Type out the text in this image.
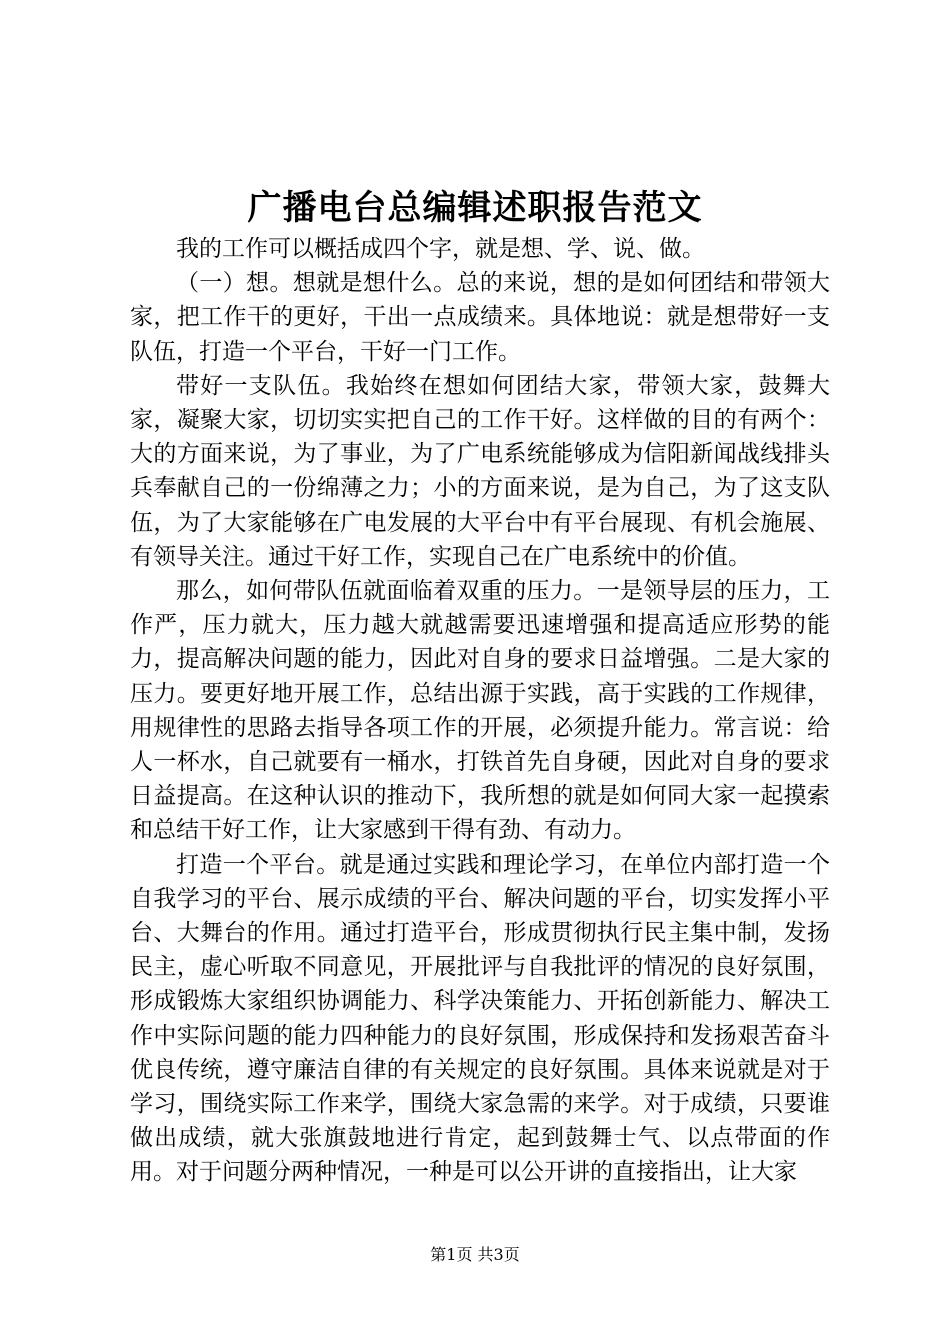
广播电台总编辑述职报告范文

我的工作可以概括成四个字，就是想、学、说、做。

（一）想。想就是想什么。总的来说，想的是如何团结和带领大家，把工作干的更好，干出一点成绩来。具体地说：就是想带好一支队伍，打造一个平台，干好一门工作。

带好一支队伍。我始终在想如何团结大家，带领大家，鼓舞大家，凝聚大家，切切实实把自己的工作干好。这样做的目的有两个：大的方面来说，为了事业，为了广电系统能够成为信阳新闻战线排头兵奉献自己的一份绵薄之力；小的方面来说，是为自己，为了这支队伍，为了大家能够在广电发展的大平台中有平台展现、有机会施展、有领导关注。通过干好工作，实现自己在广电系统中的价值。

那么，如何带队伍就面临着双重的压力。一是领导层的压力，工作严，压力就大，压力越大就越需要迅速增强和提高适应形势的能力，提高解决问题的能力，因此对自身的要求日益增强。二是大家的压力。要更好地开展工作，总结出源于实践，高于实践的工作规律，用规律性的思路去指导各项工作的开展，必须提升能力。常言说：给人一杯水，自己就要有一桶水，打铁首先自身硬，因此对自身的要求日益提高。在这种认识的推动下，我所想的就是如何同大家一起摸索和总结干好工作，让大家感到干得有劲、有动力。

打造一个平台。就是通过实践和理论学习，在单位内部打造一个自我学习的平台、展示成绩的平台、解决问题的平台，切实发挥小平台、大舞台的作用。通过打造平台，形成贯彻执行民主集中制，发扬民主，虚心听取不同意见，开展批评与自我批评的情况的良好氛围，形成锻炼大家组织协调能力、科学决策能力、开拓创新能力、解决工作中实际问题的能力四种能力的良好氛围，形成保持和发扬艰苦奋斗优良传统，遵守廉洁自律的有关规定的良好氛围。具体来说就是对于学习，围绕实际工作来学，围绕大家急需的来学。对于成绩，只要谁做出成绩，就大张旗鼓地进行肯定，起到鼓舞士气、以点带面的作用。对于问题分两种情况，一种是可以公开讲的直接指出，让大家

第1页 共3页
